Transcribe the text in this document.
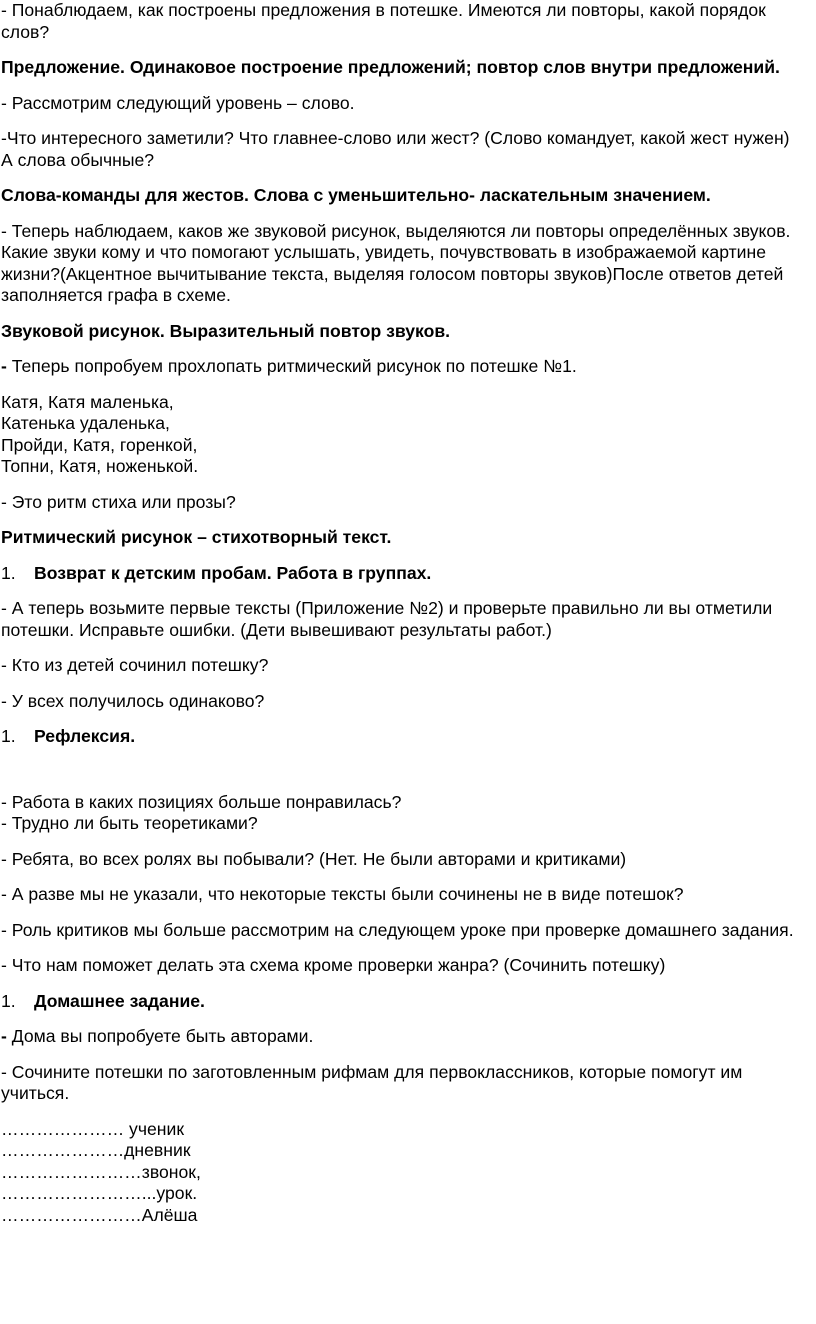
- Понаблюдаем, как построены предложения в потешке. Имеются ли повторы, какой порядок слов?

Предложение. Одинаковое построение предложений; повтор слов внутри предложений.

- Рассмотрим следующий уровень – слово.

-Что интересного заметили? Что главнее-слово или жест? (Слово командует, какой жест нужен) А слова обычные?

Слова-команды для жестов. Слова с уменьшительно- ласкательным значением.

- Теперь наблюдаем, каков же звуковой рисунок, выделяются ли повторы определённых звуков. Какие звуки кому и что помогают услышать, увидеть, почувствовать в изображаемой картине жизни?(Акцентное вычитывание текста, выделяя голосом повторы звуков)После ответов детей заполняется графа в схеме.

Звуковой рисунок. Выразительный повтор звуков.

- Теперь попробуем прохлопать ритмический рисунок по потешке №1.

Катя, Катя маленька,
Катенька удаленька,
Пройди, Катя, горенкой,
Топни, Катя, ноженькой.

- Это ритм стиха или прозы?

Ритмический рисунок – стихотворный текст.

1. Возврат к детским пробам. Работа в группах.

- А теперь возьмите первые тексты (Приложение №2) и проверьте правильно ли вы отметили потешки. Исправьте ошибки. (Дети вывешивают результаты работ.)

- Кто из детей сочинил потешку?

- У всех получилось одинаково?

1. Рефлексия.

- Работа в каких позициях больше понравилась?

- Трудно ли быть теоретиками?

- Ребята, во всех ролях вы побывали? (Нет. Не были авторами и критиками)

- А разве мы не указали, что некоторые тексты были сочинены не в виде потешок?

- Роль критиков мы больше рассмотрим на следующем уроке при проверке домашнего задания.

- Что нам поможет делать эта схема кроме проверки жанра? (Сочинить потешку)

1. Домашнее задание.

- Дома вы попробуете быть авторами.

- Сочините потешки по заготовленным рифмам для первоклассников, которые помогут им учиться.

………………… ученик
…………………дневник
……………………звонок,
……………………...урок.
……………………Алёша
